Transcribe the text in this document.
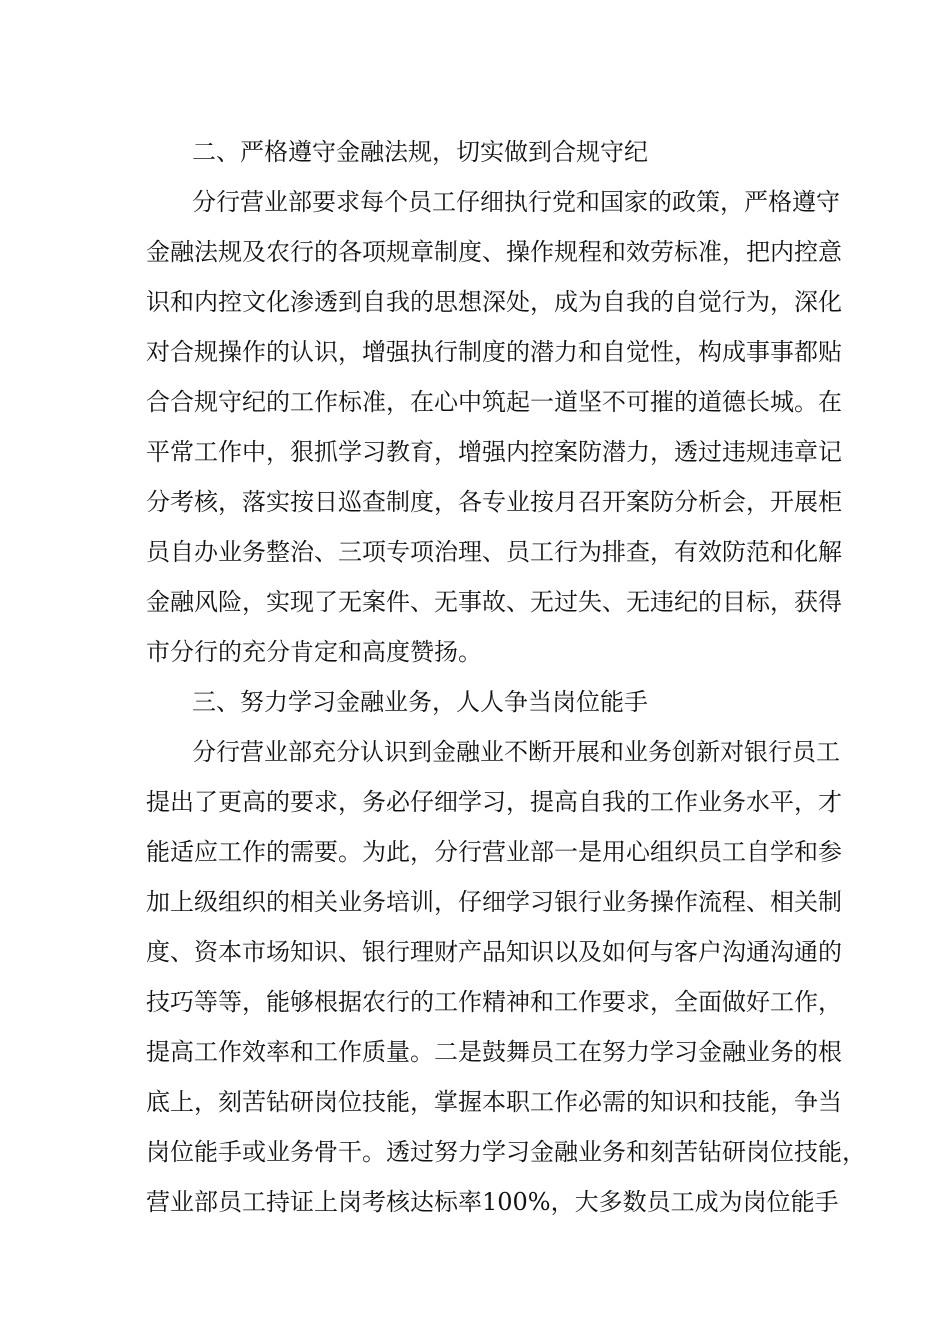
二、严格遵守金融法规，切实做到合规守纪
分行营业部要求每个员工仔细执行党和国家的政策，严格遵守
金融法规及农行的各项规章制度、操作规程和效劳标准，把内控意
识和内控文化渗透到自我的思想深处，成为自我的自觉行为，深化
对合规操作的认识，增强执行制度的潜力和自觉性，构成事事都贴
合合规守纪的工作标准，在心中筑起一道坚不可摧的道德长城。在
平常工作中，狠抓学习教育，增强内控案防潜力，透过违规违章记
分考核，落实按日巡查制度，各专业按月召开案防分析会，开展柜
员自办业务整治、三项专项治理、员工行为排查，有效防范和化解
金融风险，实现了无案件、无事故、无过失、无违纪的目标，获得
市分行的充分肯定和高度赞扬。
三、努力学习金融业务，人人争当岗位能手
分行营业部充分认识到金融业不断开展和业务创新对银行员工
提出了更高的要求，务必仔细学习，提高自我的工作业务水平，才
能适应工作的需要。为此，分行营业部一是用心组织员工自学和参
加上级组织的相关业务培训，仔细学习银行业务操作流程、相关制
度、资本市场知识、银行理财产品知识以及如何与客户沟通沟通的
技巧等等，能够根据农行的工作精神和工作要求，全面做好工作，
提高工作效率和工作质量。二是鼓舞员工在努力学习金融业务的根
底上，刻苦钻研岗位技能，掌握本职工作必需的知识和技能，争当
岗位能手或业务骨干。透过努力学习金融业务和刻苦钻研岗位技能，
营业部员工持证上岗考核达标率100%，大多数员工成为岗位能手
